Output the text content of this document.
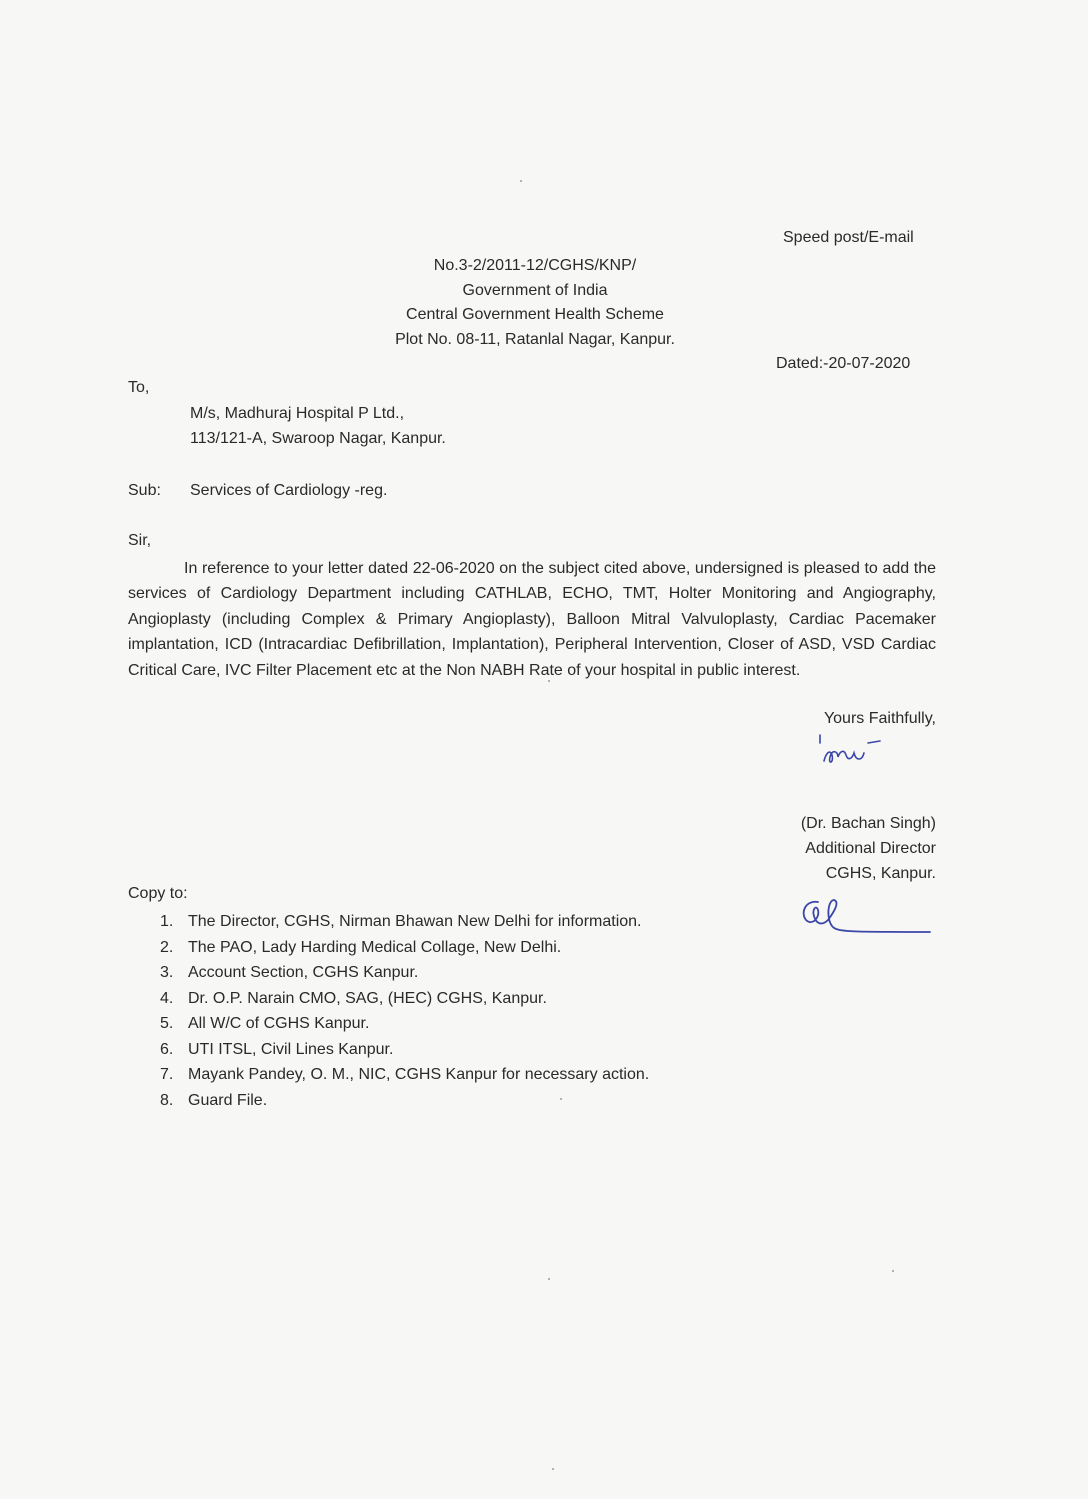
Speed post/E-mail
No.3-2/2011-12/CGHS/KNP/
Government of India
Central Government Health Scheme
Plot No. 08-11, Ratanlal Nagar, Kanpur.
Dated:-20-07-2020
To,
M/s, Madhuraj Hospital P Ltd.,
113/121-A, Swaroop Nagar, Kanpur.
Sub: Services of Cardiology -reg.
Sir,
In reference to your letter dated 22-06-2020 on the subject cited above, undersigned is pleased to add the services of Cardiology Department including CATHLAB, ECHO, TMT, Holter Monitoring and Angiography, Angioplasty (including Complex & Primary Angioplasty), Balloon Mitral Valvuloplasty, Cardiac Pacemaker implantation, ICD (Intracardiac Defibrillation, Implantation), Peripheral Intervention, Closer of ASD, VSD Cardiac Critical Care, IVC Filter Placement etc at the Non NABH Rate of your hospital in public interest.
Yours Faithfully,
(Dr. Bachan Singh)
Additional Director
CGHS, Kanpur.
Copy to:
1. The Director, CGHS, Nirman Bhawan New Delhi for information.
2. The PAO, Lady Harding Medical Collage, New Delhi.
3. Account Section, CGHS Kanpur.
4. Dr. O.P. Narain CMO, SAG, (HEC) CGHS, Kanpur.
5. All W/C of CGHS Kanpur.
6. UTI ITSL, Civil Lines Kanpur.
7. Mayank Pandey, O. M., NIC, CGHS Kanpur for necessary action.
8. Guard File.
